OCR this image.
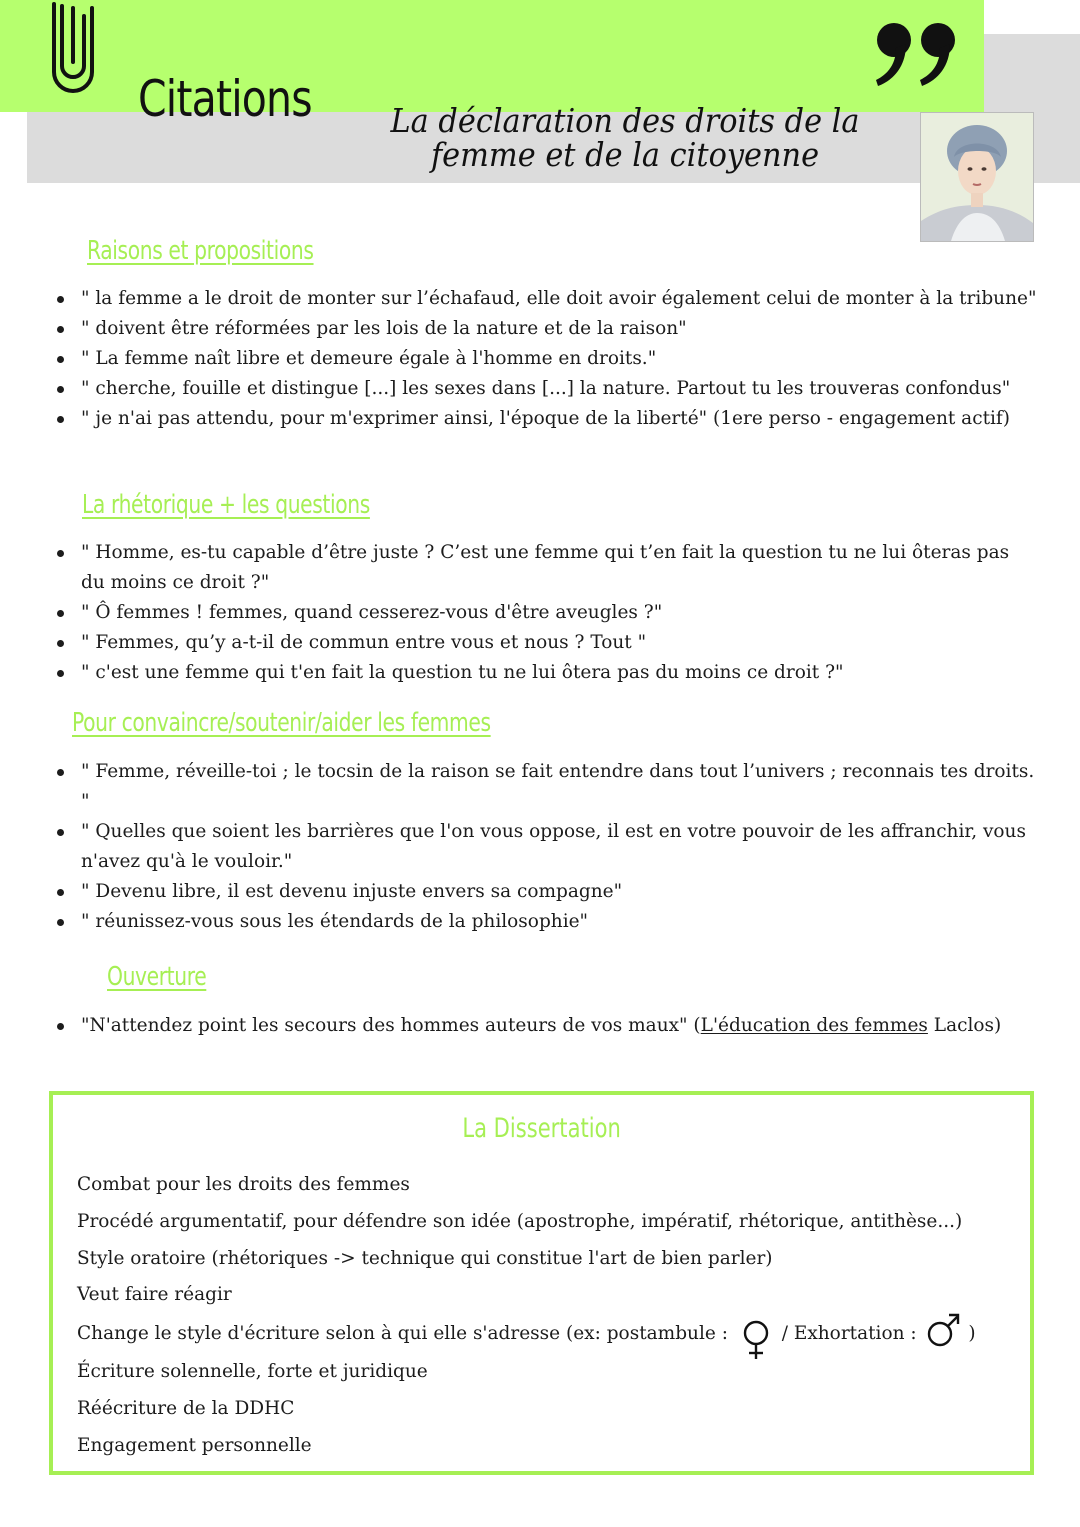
Citations La déclaration des droits de la
femme et de la citoyenne
Raisons et propositions
" la femme a le droit de monter sur l’échafaud, elle doit avoir également celui de monter à la tribune"
" doivent être réformées par les lois de la nature et de la raison"
" La femme naît libre et demeure égale à l'homme en droits."
" cherche, fouille et distingue [...] les sexes dans [...] la nature. Partout tu les trouveras confondus"
" je n'ai pas attendu, pour m'exprimer ainsi, l'époque de la liberté" (1ere perso - engagement actif)
La rhétorique + les questions
" Homme, es-tu capable d’être juste ? C’est une femme qui t’en fait la question tu ne lui ôteras pas du moins ce droit ?"
" Ô femmes ! femmes, quand cesserez-vous d'être aveugles ?"
" Femmes, qu’y a-t-il de commun entre vous et nous ? Tout "
" c'est une femme qui t'en fait la question tu ne lui ôtera pas du moins ce droit ?"
Pour convaincre/soutenir/aider les femmes
" Femme, réveille-toi ; le tocsin de la raison se fait entendre dans tout l’univers ; reconnais tes droits. "
" Quelles que soient les barrières que l'on vous oppose, il est en votre pouvoir de les affranchir, vous n'avez qu'à le vouloir."
" Devenu libre, il est devenu injuste envers sa compagne"
" réunissez-vous sous les étendards de la philosophie"
Ouverture
"N'attendez point les secours des hommes auteurs de vos maux" (L'éducation des femmes Laclos)
La Dissertation
Combat pour les droits des femmes
Procédé argumentatif, pour défendre son idée (apostrophe, impératif, rhétorique, antithèse...)
Style oratoire (rhétoriques -> technique qui constitue l'art de bien parler)
Veut faire réagir
Change le style d'écriture selon à qui elle s'adresse (ex: postambule :  / Exhortation :  )
Écriture solennelle, forte et juridique
Réécriture de la DDHC
Engagement personnelle
